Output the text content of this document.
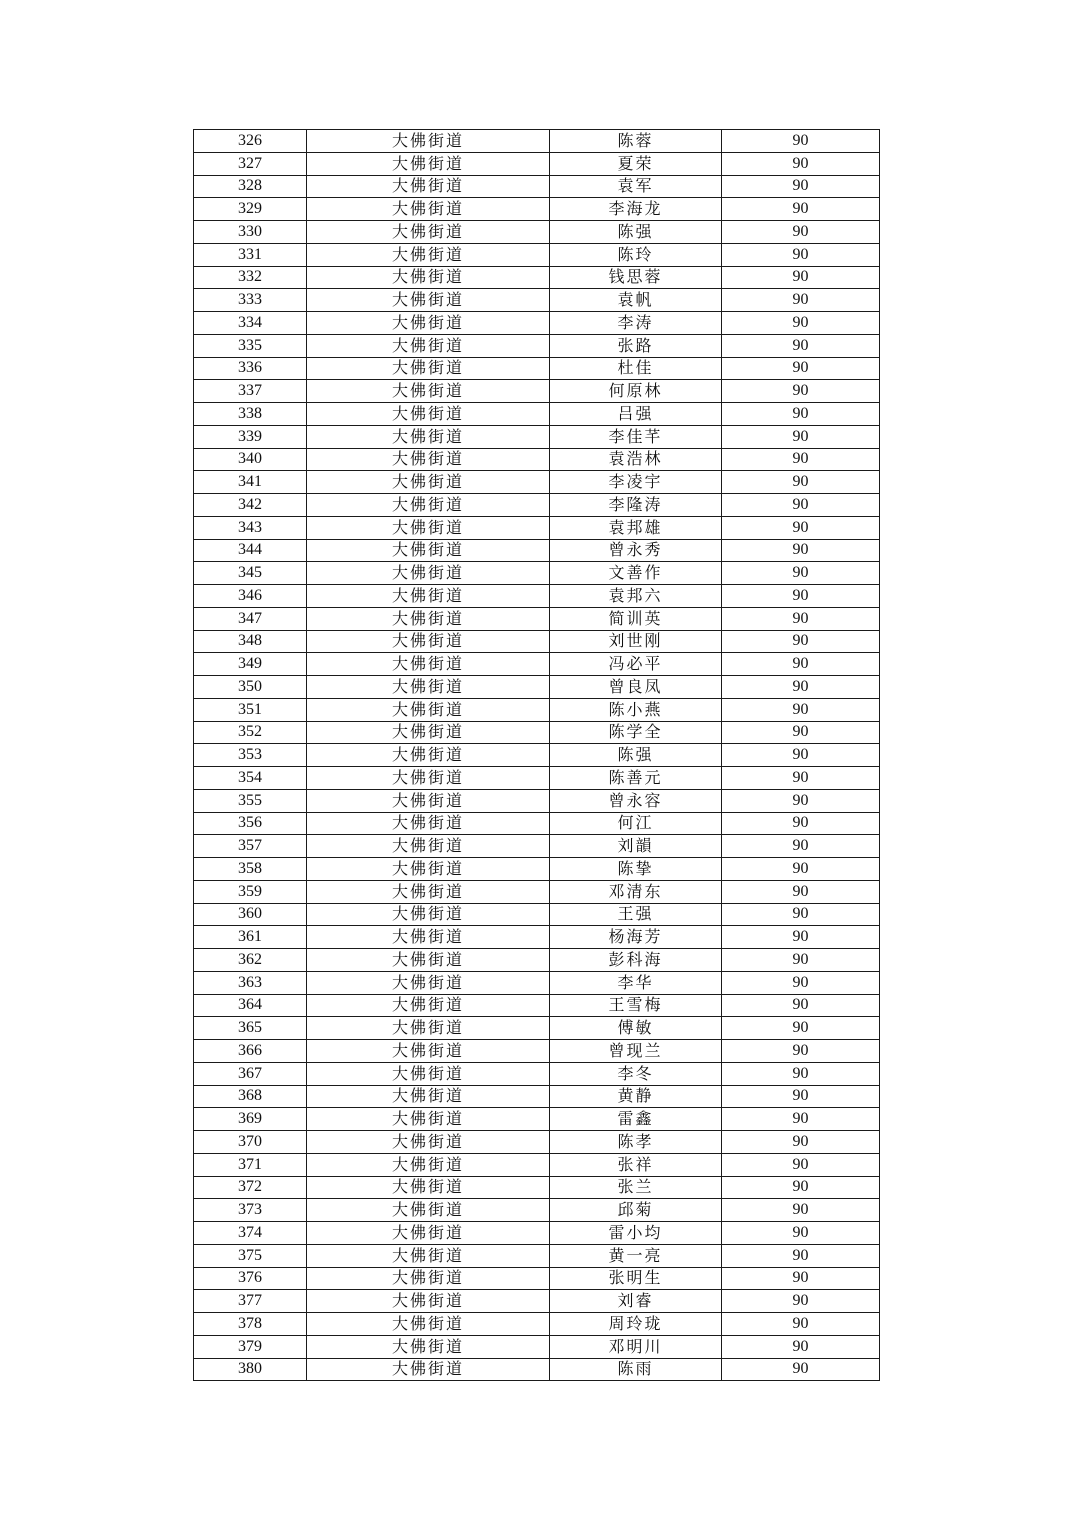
326	大佛街道	陈蓉	90
327	大佛街道	夏荣	90
328	大佛街道	袁军	90
329	大佛街道	李海龙	90
330	大佛街道	陈强	90
331	大佛街道	陈玲	90
332	大佛街道	钱思蓉	90
333	大佛街道	袁帆	90
334	大佛街道	李涛	90
335	大佛街道	张路	90
336	大佛街道	杜佳	90
337	大佛街道	何原林	90
338	大佛街道	吕强	90
339	大佛街道	李佳芊	90
340	大佛街道	袁浩林	90
341	大佛街道	李凌宇	90
342	大佛街道	李隆涛	90
343	大佛街道	袁邦雄	90
344	大佛街道	曾永秀	90
345	大佛街道	文善作	90
346	大佛街道	袁邦六	90
347	大佛街道	简训英	90
348	大佛街道	刘世刚	90
349	大佛街道	冯必平	90
350	大佛街道	曾良凤	90
351	大佛街道	陈小燕	90
352	大佛街道	陈学全	90
353	大佛街道	陈强	90
354	大佛街道	陈善元	90
355	大佛街道	曾永容	90
356	大佛街道	何江	90
357	大佛街道	刘韻	90
358	大佛街道	陈挚	90
359	大佛街道	邓清东	90
360	大佛街道	王强	90
361	大佛街道	杨海芳	90
362	大佛街道	彭科海	90
363	大佛街道	李华	90
364	大佛街道	王雪梅	90
365	大佛街道	傅敏	90
366	大佛街道	曾现兰	90
367	大佛街道	李冬	90
368	大佛街道	黄静	90
369	大佛街道	雷鑫	90
370	大佛街道	陈孝	90
371	大佛街道	张祥	90
372	大佛街道	张兰	90
373	大佛街道	邱菊	90
374	大佛街道	雷小均	90
375	大佛街道	黄一亮	90
376	大佛街道	张明生	90
377	大佛街道	刘睿	90
378	大佛街道	周玲珑	90
379	大佛街道	邓明川	90
380	大佛街道	陈雨	90
